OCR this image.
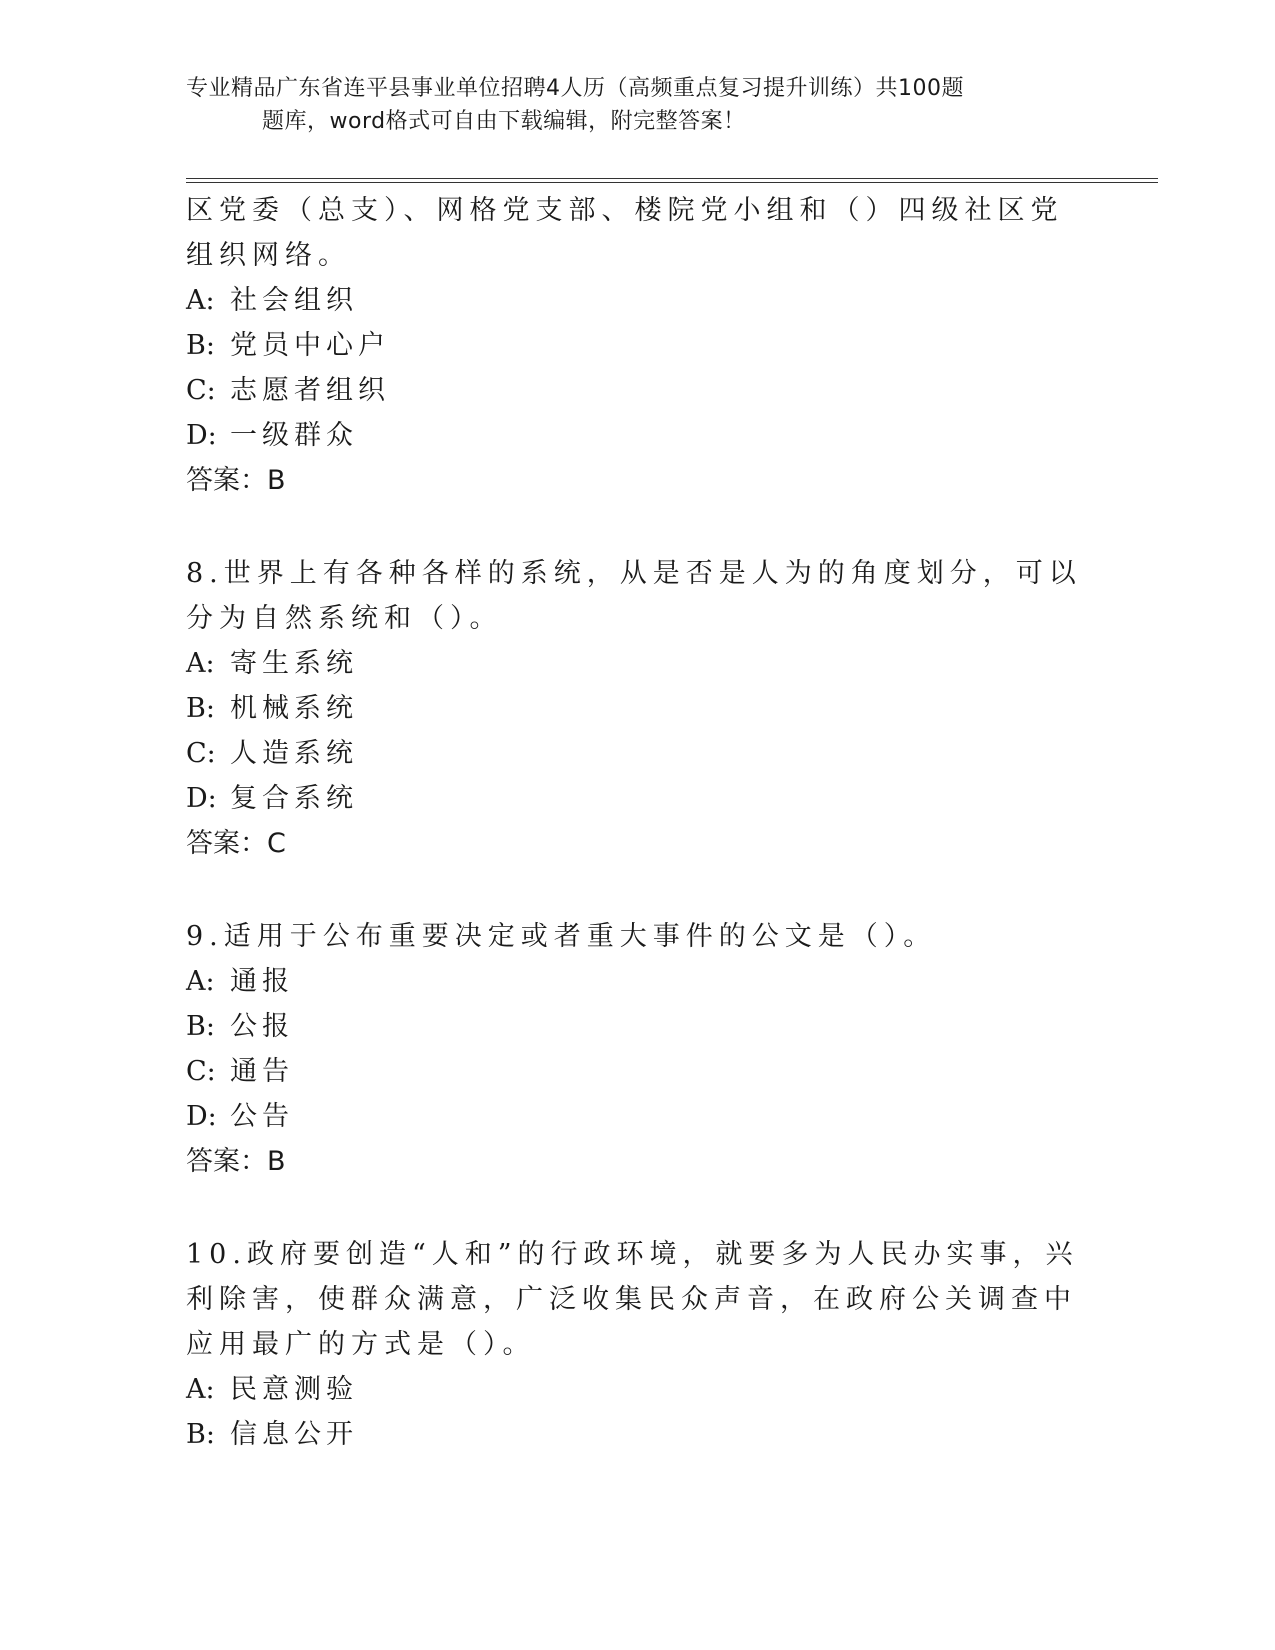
专业精品广东省连平县事业单位招聘4人历（高频重点复习提升训练）共100题
题库，word格式可自由下载编辑，附完整答案！

区党委（总支）、网格党支部、楼院党小组和（）四级社区党组织网络。

A: 社会组织

B: 党员中心户

C: 志愿者组织

D: 一级群众

答案：B

8.世界上有各种各样的系统，从是否是人为的角度划分，可以分为自然系统和（）。

A: 寄生系统

B: 机械系统

C: 人造系统

D: 复合系统

答案：C

9.适用于公布重要决定或者重大事件的公文是（）。

A: 通报

B: 公报

C: 通告

D: 公告

答案：B

10.政府要创造“人和”的行政环境，就要多为人民办实事，兴利除害，使群众满意，广泛收集民众声音，在政府公关调查中应用最广的方式是（）。

A: 民意测验

B: 信息公开
